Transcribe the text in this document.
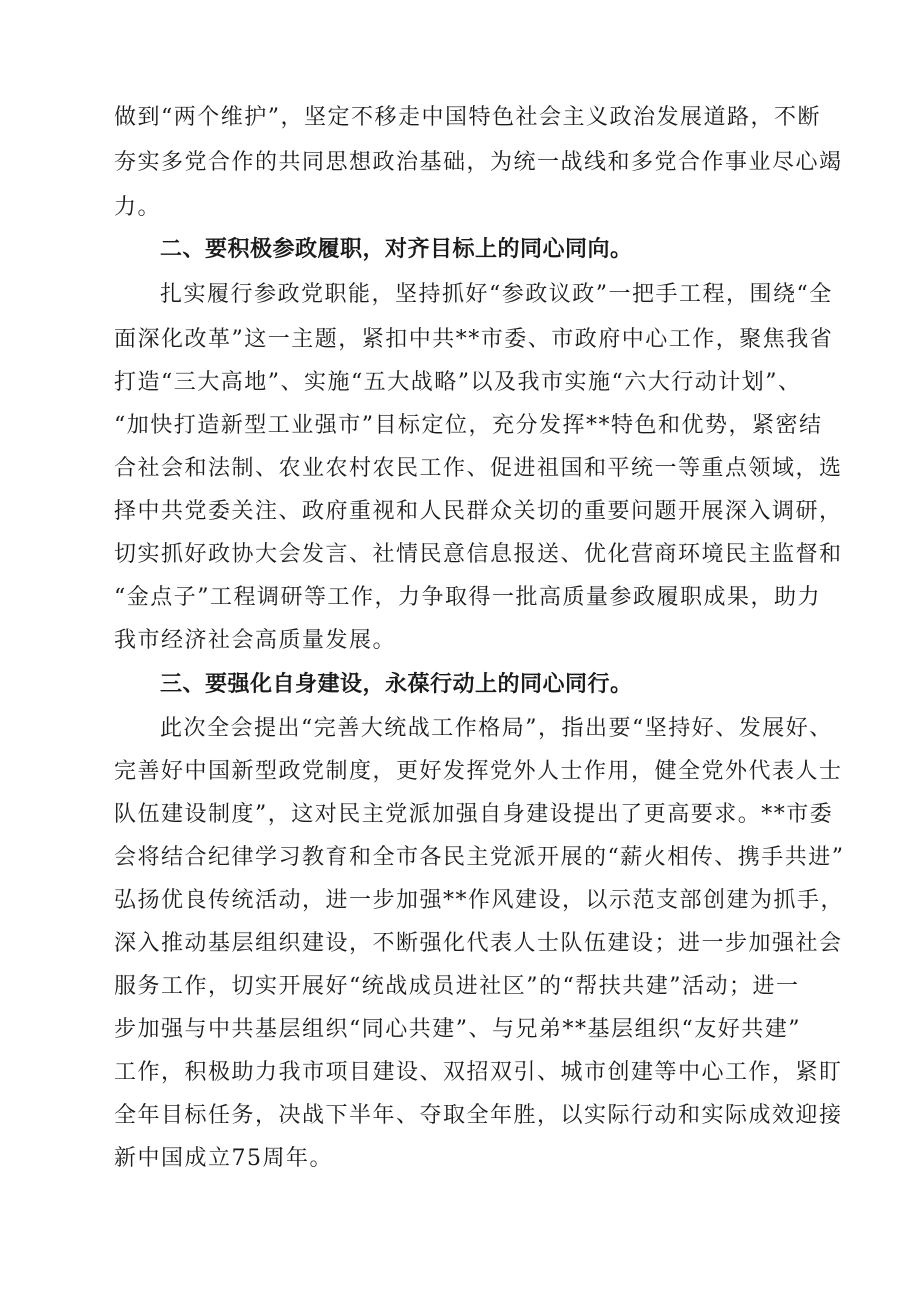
做到“两个维护”，坚定不移走中国特色社会主义政治发展道路，不断
夯实多党合作的共同思想政治基础，为统一战线和多党合作事业尽心竭
力。
二、要积极参政履职，对齐目标上的同心同向。
扎实履行参政党职能，坚持抓好“参政议政”一把手工程，围绕“全
面深化改革”这一主题，紧扣中共**市委、市政府中心工作，聚焦我省
打造“三大高地”、实施“五大战略”以及我市实施“六大行动计划”、
“加快打造新型工业强市”目标定位，充分发挥**特色和优势，紧密结
合社会和法制、农业农村农民工作、促进祖国和平统一等重点领域，选
择中共党委关注、政府重视和人民群众关切的重要问题开展深入调研，
切实抓好政协大会发言、社情民意信息报送、优化营商环境民主监督和
“金点子”工程调研等工作，力争取得一批高质量参政履职成果，助力
我市经济社会高质量发展。
三、要强化自身建设，永葆行动上的同心同行。
此次全会提出“完善大统战工作格局”，指出要“坚持好、发展好、
完善好中国新型政党制度，更好发挥党外人士作用，健全党外代表人士
队伍建设制度”，这对民主党派加强自身建设提出了更高要求。**市委
会将结合纪律学习教育和全市各民主党派开展的“薪火相传、携手共进”
弘扬优良传统活动，进一步加强**作风建设，以示范支部创建为抓手，
深入推动基层组织建设，不断强化代表人士队伍建设；进一步加强社会
服务工作，切实开展好“统战成员进社区”的“帮扶共建”活动；进一
步加强与中共基层组织“同心共建”、与兄弟**基层组织“友好共建”
工作，积极助力我市项目建设、双招双引、城市创建等中心工作，紧盯
全年目标任务，决战下半年、夺取全年胜，以实际行动和实际成效迎接
新中国成立75周年。
